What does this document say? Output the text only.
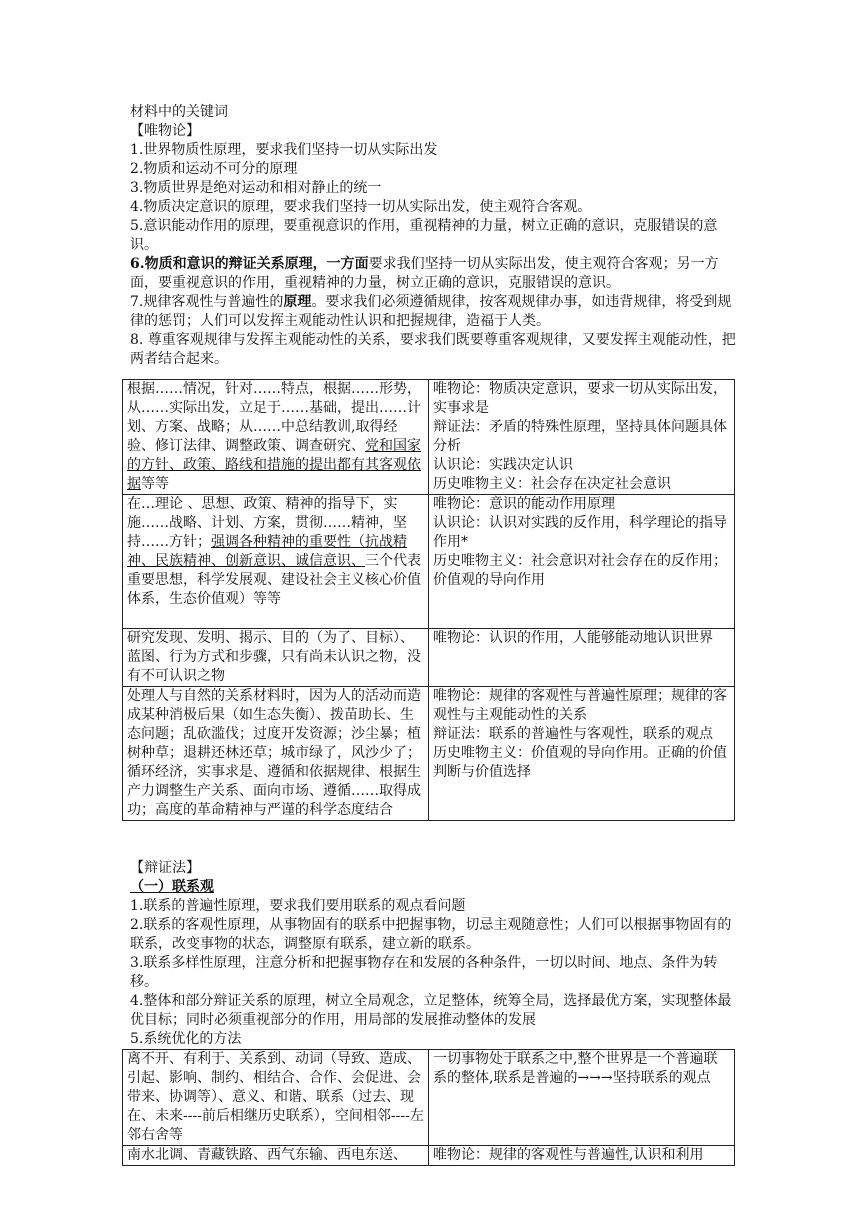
材料中的关键词
【唯物论】
1.世界物质性原理，要求我们坚持一切从实际出发
2.物质和运动不可分的原理
3.物质世界是绝对运动和相对静止的统一
4.物质决定意识的原理，要求我们坚持一切从实际出发，使主观符合客观。
5.意识能动作用的原理，要重视意识的作用，重视精神的力量，树立正确的意识，克服错误的意识。
6.物质和意识的辩证关系原理，一方面要求我们坚持一切从实际出发，使主观符合客观；另一方面，要重视意识的作用，重视精神的力量，树立正确的意识，克服错误的意识。
7.规律客观性与普遍性的原理。要求我们必须遵循规律，按客观规律办事，如违背规律，将受到规律的惩罚；人们可以发挥主观能动性认识和把握规律，造福于人类。
8. 尊重客观规律与发挥主观能动性的关系，要求我们既要尊重客观规律，又要发挥主观能动性，把两者结合起来。
根据……情况，针对……特点，根据……形势，从……实际出发，立足于……基础，提出……计划、方案、战略；从……中总结教训,取得经验、修订法律、调整政策、调查研究、党和国家的方针、政策、路线和措施的提出都有其客观依据等等	唯物论：物质决定意识，要求一切从实际出发，实事求是
辩证法：矛盾的特殊性原理，坚持具体问题具体分析
认识论：实践决定认识
历史唯物主义：社会存在决定社会意识

在…理论 、思想、政策、精神的指导下，实施……战略、计划、方案，贯彻……精神，坚持……方针；强调各种精神的重要性（抗战精神、民族精神、创新意识、诚信意识、三个代表重要思想，科学发展观、建设社会主义核心价值体系，生态价值观）等等	唯物论：意识的能动作用原理
认识论：认识对实践的反作用，科学理论的指导作用*
历史唯物主义：社会意识对社会存在的反作用；价值观的导向作用

研究发现、发明、揭示、目的（为了、目标）、蓝图、行为方式和步骤，只有尚未认识之物，没有不可认识之物	唯物论：认识的作用，人能够能动地认识世界

处理人与自然的关系材料时，因为人的活动而造成某种消极后果（如生态失衡）、拨苗助长、生态问题；乱砍滥伐；过度开发资源；沙尘暴；植树种草；退耕还林还草；城市绿了，风沙少了；循环经济，实事求是、遵循和依据规律、根据生产力调整生产关系、面向市场、遵循……取得成功；高度的革命精神与严谨的科学态度结合	唯物论：规律的客观性与普遍性原理；规律的客观性与主观能动性的关系
辩证法：联系的普遍性与客观性，联系的观点
历史唯物主义：价值观的导向作用。正确的价值判断与价值选择
【辩证法】
（一）联系观
1.联系的普遍性原理，要求我们要用联系的观点看问题
2.联系的客观性原理，从事物固有的联系中把握事物，切忌主观随意性；人们可以根据事物固有的联系，改变事物的状态，调整原有联系，建立新的联系。
3.联系多样性原理，注意分析和把握事物存在和发展的各种条件，一切以时间、地点、条件为转移。
4.整体和部分辩证关系的原理，树立全局观念，立足整体，统筹全局，选择最优方案，实现整体最优目标；同时必须重视部分的作用，用局部的发展推动整体的发展
5.系统优化的方法
离不开、有利于、关系到、动词（导致、造成、引起、影响、制约、相结合、合作、会促进、会带来、协调等）、意义、和谐、联系（过去、现在、未来----前后相继历史联系），空间相邻----左邻右舍等	一切事物处于联系之中,整个世界是一个普遍联系的整体,联系是普遍的→→→坚持联系的观点
南水北调、青藏铁路、西气东输、西电东送、	唯物论：规律的客观性与普遍性,认识和利用
